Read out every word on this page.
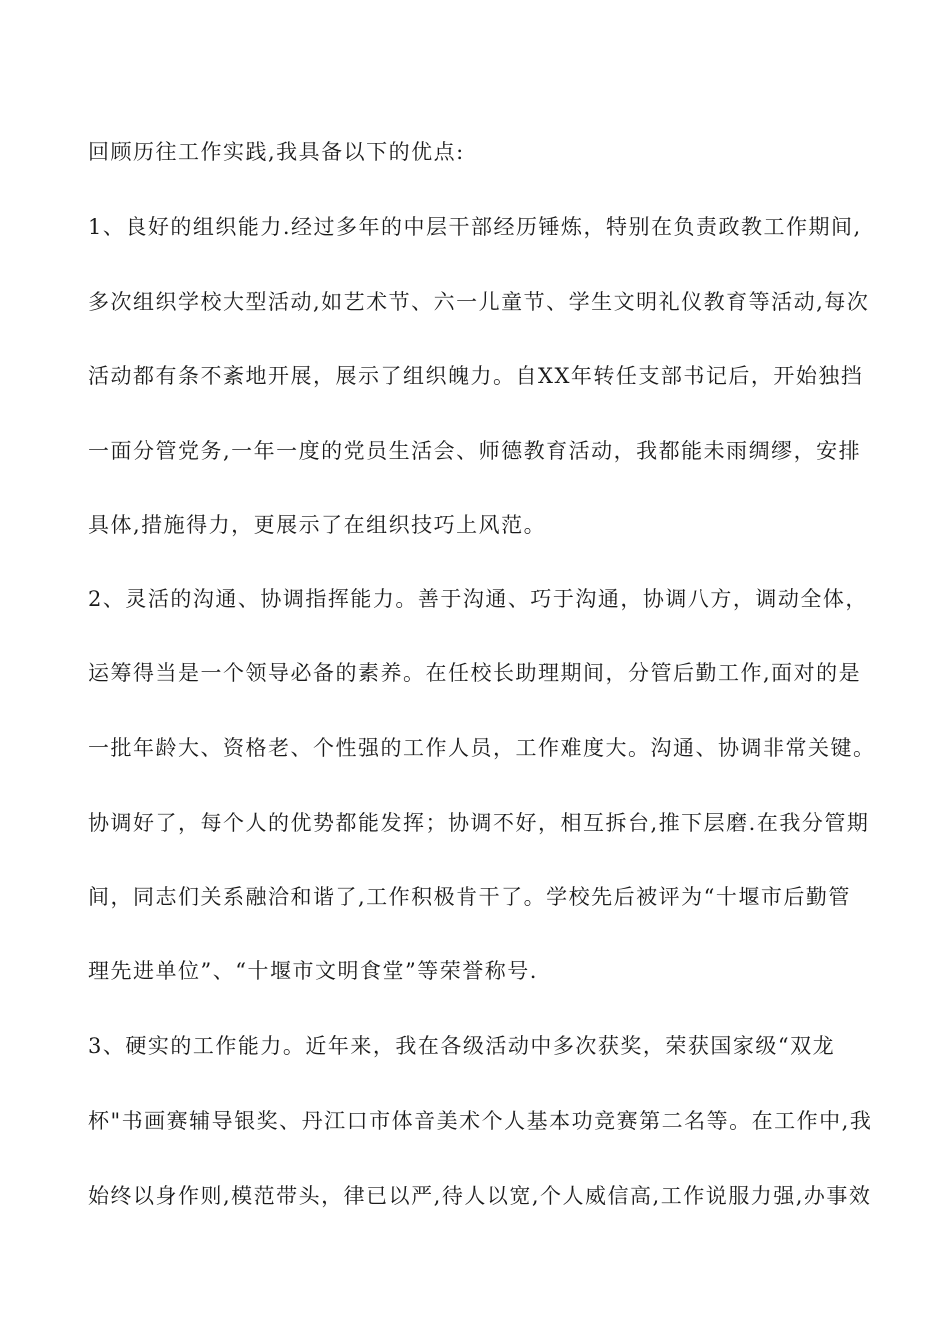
回顾历往工作实践,我具备以下的优点:

1、良好的组织能力.经过多年的中层干部经历锤炼，特别在负责政教工作期间,

多次组织学校大型活动,如艺术节、六一儿童节、学生文明礼仪教育等活动,每次

活动都有条不紊地开展，展示了组织魄力。自XX年转任支部书记后，开始独挡

一面分管党务,一年一度的党员生活会、师德教育活动，我都能未雨绸缪，安排

具体,措施得力，更展示了在组织技巧上风范。

2、灵活的沟通、协调指挥能力。善于沟通、巧于沟通，协调八方，调动全体，

运筹得当是一个领导必备的素养。在任校长助理期间，分管后勤工作,面对的是

一批年龄大、资格老、个性强的工作人员，工作难度大。沟通、协调非常关键。

协调好了，每个人的优势都能发挥；协调不好，相互拆台,推下层磨.在我分管期

间，同志们关系融洽和谐了,工作积极肯干了。学校先后被评为“十堰市后勤管

理先进单位”、“十堰市文明食堂”等荣誉称号.

3、硬实的工作能力。近年来，我在各级活动中多次获奖，荣获国家级“双龙

杯"书画赛辅导银奖、丹江口市体音美术个人基本功竞赛第二名等。在工作中,我

始终以身作则,模范带头，律已以严,待人以宽,个人威信高,工作说服力强,办事效
